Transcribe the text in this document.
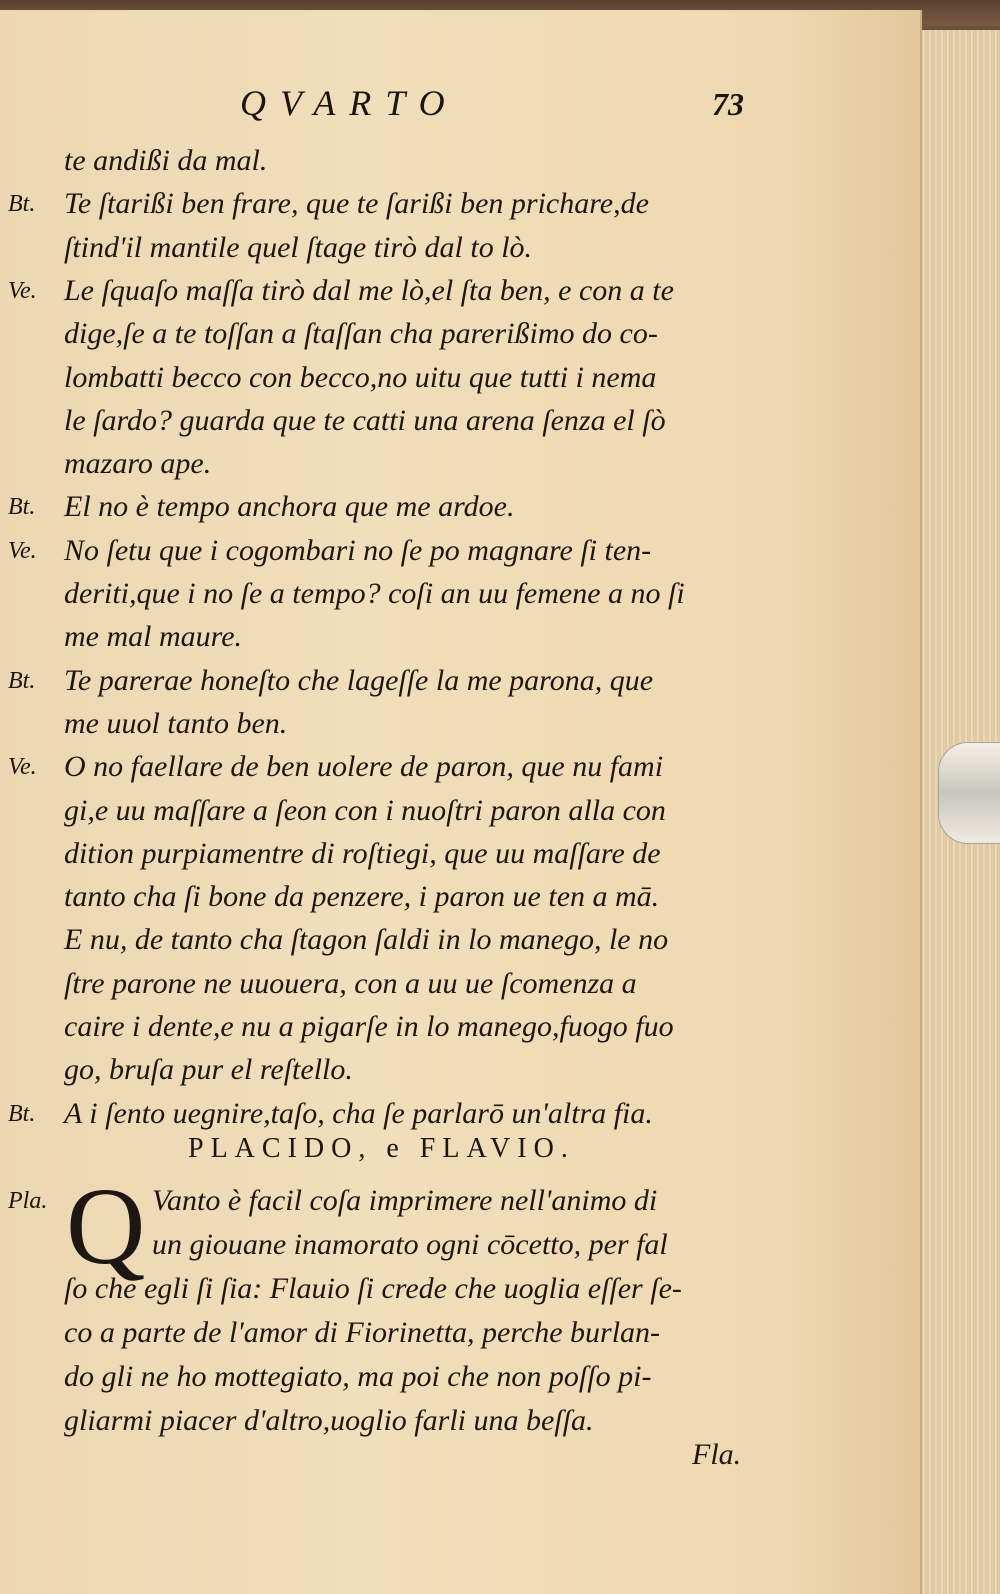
QVARTO	73
te andißi da mal.
Bt. Te ſtarißi ben frare, que te ſarißi ben prichare,de
ſtind'il mantile quel ſtage tirò dal to lò.
Ve. Le ſquaſo maſſa tirò dal me lò,el ſta ben, e con a te
dige,ſe a te toſſan a ſtaſſan cha parerißimo do co-
lombatti becco con becco,no uitu que tutti i nema
le ſardo? guarda que te catti una arena ſenza el ſò
mazaro ape.
Bt. El no è tempo anchora que me ardoe.
Ve. No ſetu que i cogombari no ſe po magnare ſi ten-
deriti,que i no ſe a tempo? coſi an uu femene a no ſi
me mal maure.
Bt. Te parerae honeſto che lageſſe la me parona, que
me uuol tanto ben.
Ve. O no faellare de ben uolere de paron, que nu fami
gi,e uu maſſare a ſeon con i nuoſtri paron alla con
dition purpiamentre di roſtiegi, que uu maſſare de
tanto cha ſi bone da penzere, i paron ue ten a mā.
E nu, de tanto cha ſtagon ſaldi in lo manego, le no
ſtre parone ne uuouera, con a uu ue ſcomenza a
caire i dente,e nu a pigarſe in lo manego,fuogo fuo
go, bruſa pur el reſtello.
Bt. A i ſento uegnire,taſo, cha ſe parlarō un'altra fia.
PLACIDO, e FLAVIO.
Pla. Q Vanto è facil coſa imprimere nell'animo di
un giouane inamorato ogni cōcetto, per fal
ſo che egli ſi ſia: Flauio ſi crede che uoglia eſſer ſe-
co a parte de l'amor di Fiorinetta, perche burlan-
do gli ne ho mottegiato, ma poi che non poſſo pi-
gliarmi piacer d'altro,uoglio farli una beſſa.
Fla.
